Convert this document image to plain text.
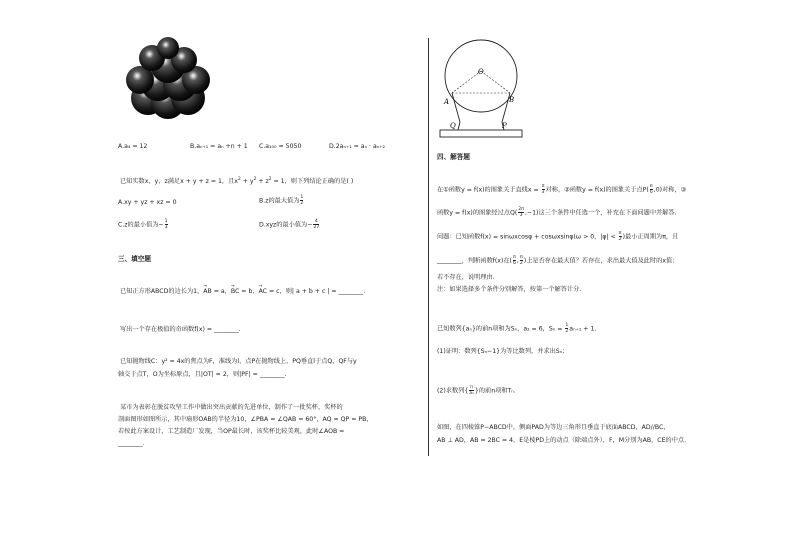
A.a₄ = 12	B.aₙ₊₁ = aₙ +n + 1 C.a₁₀₀ = 5050	D.2aₙ₊₁ = aₙ · aₙ₊₂
已知实数x，y，z满足x + y + z = 1，且$x^2 + y^2 + z^2 = 1$，则下列结论正确的是( )
A.xy + yz + xz = 0	B.z的最大值为 $\frac{1}{2}$
C.z的最小值为− $\frac{1}{3}$	D.xyz的最小值为− $\frac{4}{27}$
三、填空题
已知正方形ABCD的边长为1，→ AB = a，→ BC = b，→ AC = c，则| a + b + c | = ________.
写出一个存在极值的奇函数f(x) = ________.
已知抛物线C：y² = 4x的焦点为F，准线为l，点P在抛物线上，PQ垂直l于点Q，QF与y
轴交于点T，O为坐标原点，且|OT| = 2，则|PF| = ________.
某市为表彰在脱贫攻坚工作中做出突出贡献的先进单位，制作了一批奖杯，奖杯的
剖面图形如图所示，其中扇形OAB的半径为10，∠PBA = ∠QAB = 60°，AQ = QP = PB，
若按此方案设计，工艺制造厂发现，当OP最长时，该奖杯比较美观，此时∠AOB =
________.
O
A	B
Q	P
四、解答题
在①函数y = f(x)的图象关于直线$x = \frac{\pi}{3}$ 对称，②函数y = f(x)的图象关于点$P( \frac{\pi}{6} ,0)$对称，③
函数y = f(x)的图象经过点$Q( \frac{2\pi}{3} ,-1)$这三个条件中任选一个，补充在下面问题中并解答.
问题：已知函数f(x) = sinωxcosφ + cosωxsinφ(ω > 0，$|\varphi| < \frac{\pi}{2}$ )最小正周期为π，且
________，判断函数f(x)在( $\frac{\pi}{6}$ , $\frac{\pi}{2}$ )上是否存在最大值？若存在，求出最大值及此时的x值；
若不存在，说明理由.
注：如果选择多个条件分别解答，按第一个解答计分.
已知数列{aₙ}的前n项和为Sₙ，a₂ = 6，$S_n = \frac{1}{2} a_{n+1} + 1$.
(1)证明：数列{Sₙ−1}为等比数列，并求出Sₙ；
(2)求数列{ $\frac{n}{\text{aₙ}}$ }的前n项和Tₙ.
如图，在四棱锥P−ABCD中，侧面PAD为等边三角形且垂直于底面ABCD，AD//BC，
AB ⊥ AD，AB = 2BC = 4，E是棱PD上的动点（除端点外），F，M分别为AB，CE的中点.
